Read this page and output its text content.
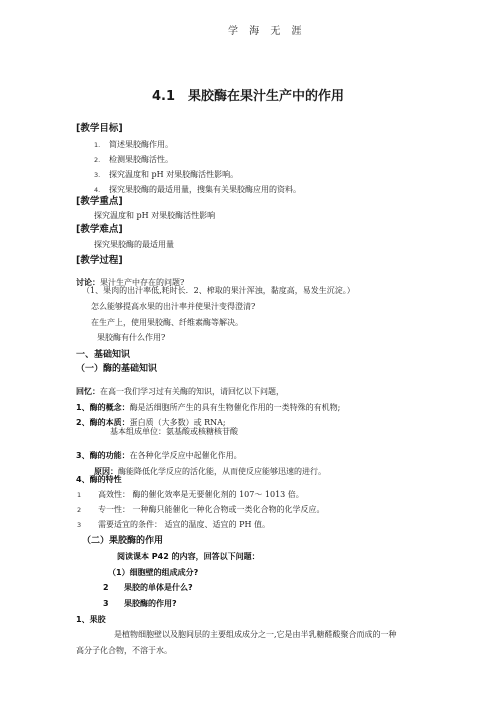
学 海 无 涯
4.1　果胶酶在果汁生产中的作用
[教学目标]
1. 简述果胶酶作用。
2. 检测果胶酶活性。
3. 探究温度和 pH 对果胶酶活性影响。
4. 探究果胶酶的最适用量，搜集有关果胶酶应用的资料。
[教学重点]
探究温度和 pH 对果胶酶活性影响
[教学难点]
探究果胶酶的最适用量
[教学过程]
讨论：果汁生产中存在的问题?
（1、果肉的出汁率低,耗时长．2、榨取的果汁浑浊，黏度高，易发生沉淀。）
怎么能够提高水果的出汁率并使果汁变得澄清?
在生产上，使用果胶酶、纤维素酶等解决。
果胶酶有什么作用?
一、基础知识
（一）酶的基础知识
回忆：在高一我们学习过有关酶的知识，请回忆以下问题，
1、酶的概念：酶是活细胞所产生的具有生物催化作用的一类特殊的有机物;
2、酶的本质：蛋白质（大多数）或 RNA;
基本组成单位：氨基酸或核糖核苷酸
3、酶的功能：在各种化学反应中起催化作用。
原因：酶能降低化学反应的活化能，从而使反应能够迅速的进行。
4、酶的特性
1 高效性： 酶的催化效率是无要催化剂的 107～ 1013 倍。
2 专一性： 一种酶只能催化一种化合物或一类化合物的化学反应。
3 需要适宜的条件： 适宜的温度、适宜的 PH 值。
（二）果胶酶的作用
阅读课本 P42 的内容，回答以下问题：
（1）细胞壁的组成成分?
2 果胶的单体是什么?
3 果胶酶的作用?
1、果胶
是植物细胞壁以及胞间层的主要组成成分之一,它是由半乳糖醛酸聚合而成的一种
高分子化合物，不溶于水。
